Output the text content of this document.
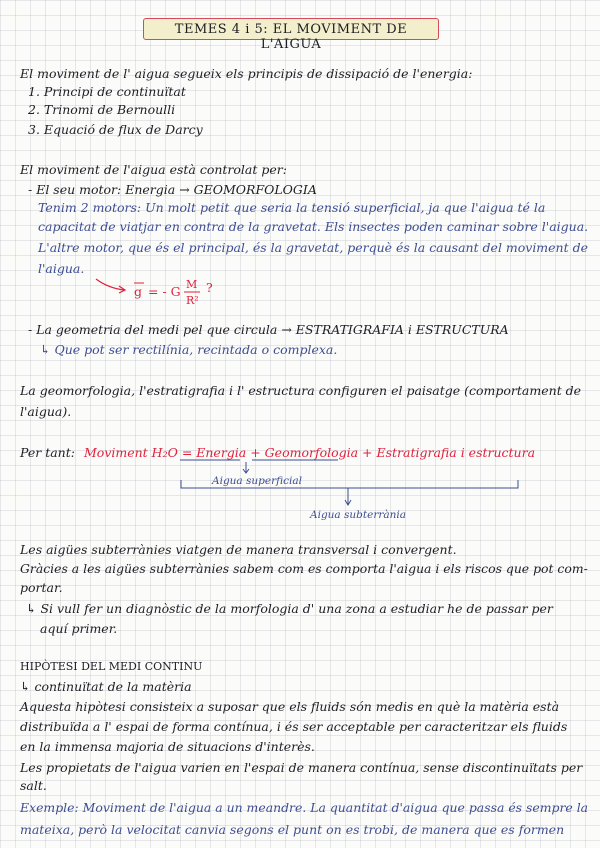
TEMES 4 i 5: EL MOVIMENT DE L'AIGUA

El moviment de l' aigua segueix els principis de dissipació de l'energia:

1. Principi de continuïtat

2. Trinomi de Bernoulli

3. Equació de flux de Darcy

El moviment de l'aigua està controlat per:

- El seu motor: Energia → GEOMORFOLOGIA

Tenim 2 motors: Un molt petit que seria la tensió superficial, ja que l'aigua té la

capacitat de viatjar en contra de la gravetat. Els insectes poden caminar sobre l'aigua.

L'altre motor, que és el principal, és la gravetat, perquè és la causant del moviment de

l'aigua.

g = - G M
R²
?

- La geometria del medi pel que circula → ESTRATIGRAFIA i ESTRUCTURA

↳ Que pot ser rectilínia, recintada o complexa.

La geomorfologia, l'estratigrafia i l' estructura configuren el paisatge (comportament de

l'aigua).

Per tant: Moviment H₂O = Energia + Geomorfologia + Estratigrafia i estructura
Aigua superficial
Aigua subterrània

Les aigües subterrànies viatgen de manera transversal i convergent.

Gràcies a les aigües subterrànies sabem com es comporta l'aigua i els riscos que pot com-

portar.

↳ Si vull fer un diagnòstic de la morfologia d' una zona a estudiar he de passar per

aquí primer.

HIPÒTESI DEL MEDI CONTINU

↳ continuïtat de la matèria

Aquesta hipòtesi consisteix a suposar que els fluids són medis en què la matèria està

distribuïda a l' espai de forma contínua, i és ser acceptable per caracteritzar els fluids

en la immensa majoria de situacions d'interès.

Les propietats de l'aigua varien en l'espai de manera contínua, sense discontinuïtats per

salt.

Exemple: Moviment de l'aigua a un meandre. La quantitat d'aigua que passa és sempre la

mateixa, però la velocitat canvia segons el punt on es trobi, de manera que es formen
